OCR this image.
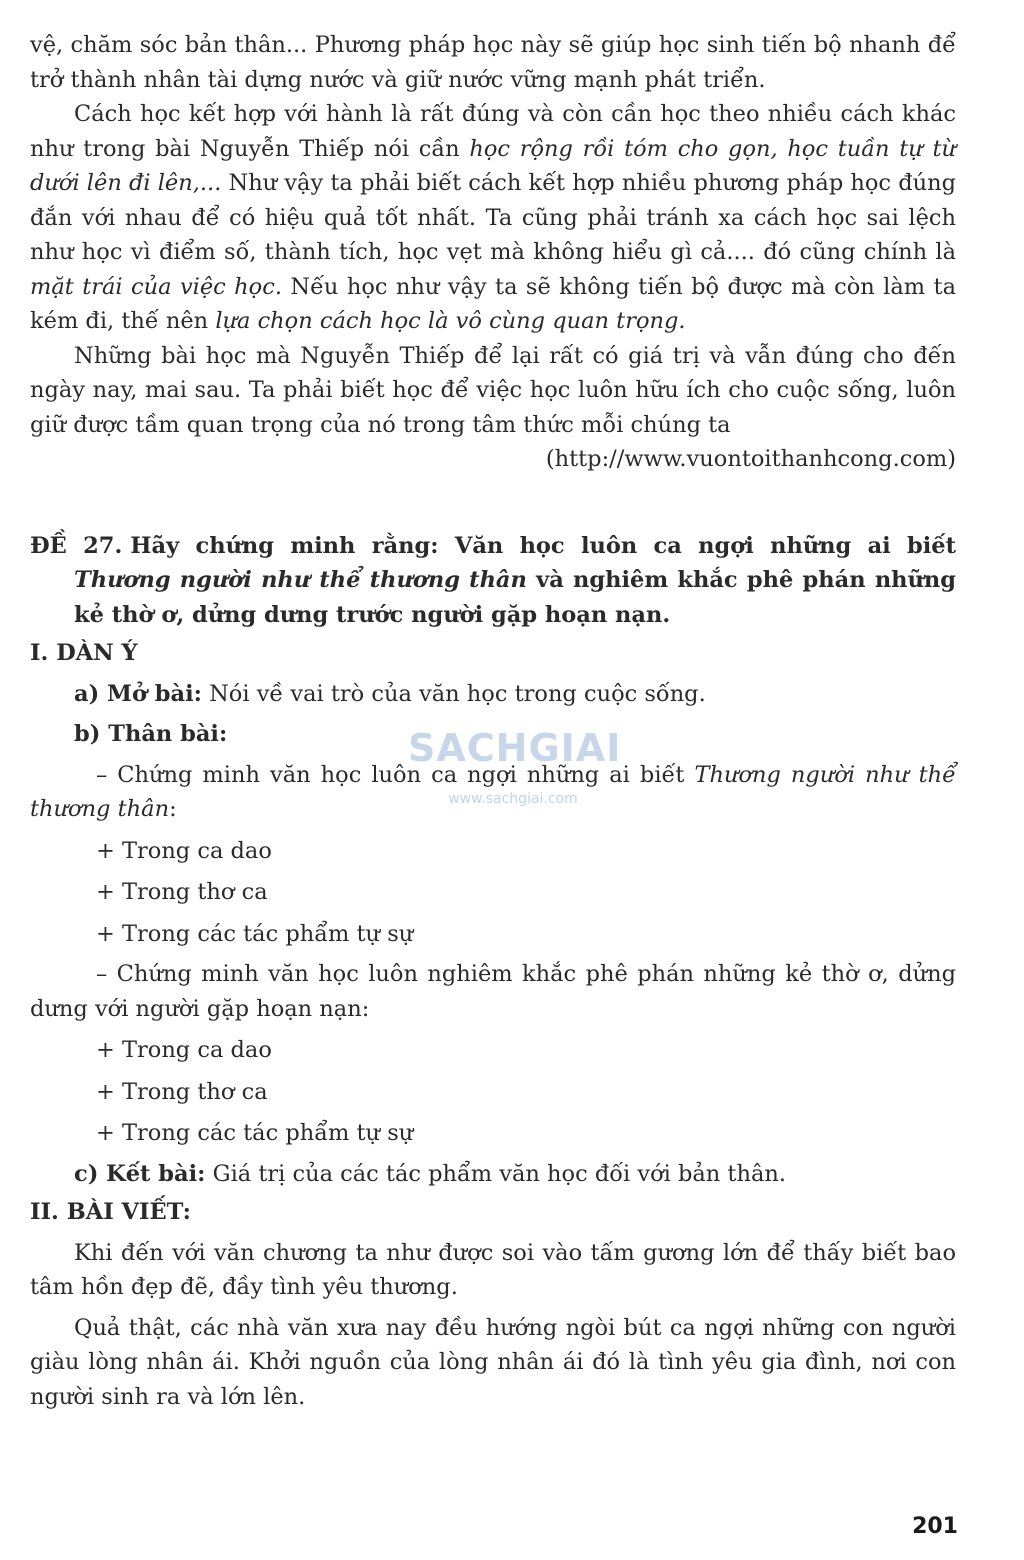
vệ, chăm sóc bản thân... Phương pháp học này sẽ giúp học sinh tiến bộ nhanh để trở thành nhân tài dựng nước và giữ nước vững mạnh phát triển.

Cách học kết hợp với hành là rất đúng và còn cần học theo nhiều cách khác như trong bài Nguyễn Thiếp nói cần học rộng rồi tóm cho gọn, học tuần tự từ dưới lên đi lên,... Như vậy ta phải biết cách kết hợp nhiều phương pháp học đúng đắn với nhau để có hiệu quả tốt nhất. Ta cũng phải tránh xa cách học sai lệch như học vì điểm số, thành tích, học vẹt mà không hiểu gì cả.... đó cũng chính là mặt trái của việc học. Nếu học như vậy ta sẽ không tiến bộ được mà còn làm ta kém đi, thế nên lựa chọn cách học là vô cùng quan trọng.

Những bài học mà Nguyễn Thiếp để lại rất có giá trị và vẫn đúng cho đến ngày nay, mai sau. Ta phải biết học để việc học luôn hữu ích cho cuộc sống, luôn giữ được tầm quan trọng của nó trong tâm thức mỗi chúng ta

(http://www.vuontoithanhcong.com)

ĐỀ 27. Hãy chứng minh rằng: Văn học luôn ca ngợi những ai biết Thương người như thể thương thân và nghiêm khắc phê phán những kẻ thờ ơ, dửng dưng trước người gặp hoạn nạn.

I. DÀN Ý

a) Mở bài: Nói về vai trò của văn học trong cuộc sống.

b) Thân bài:

– Chứng minh văn học luôn ca ngợi những ai biết Thương người như thể thương thân:

+ Trong ca dao

+ Trong thơ ca

+ Trong các tác phẩm tự sự

– Chứng minh văn học luôn nghiêm khắc phê phán những kẻ thờ ơ, dửng dưng với người gặp hoạn nạn:

+ Trong ca dao

+ Trong thơ ca

+ Trong các tác phẩm tự sự

c) Kết bài: Giá trị của các tác phẩm văn học đối với bản thân.

II. BÀI VIẾT:

Khi đến với văn chương ta như được soi vào tấm gương lớn để thấy biết bao tâm hồn đẹp đẽ, đầy tình yêu thương.

Quả thật, các nhà văn xưa nay đều hướng ngòi bút ca ngợi những con người giàu lòng nhân ái. Khởi nguồn của lòng nhân ái đó là tình yêu gia đình, nơi con người sinh ra và lớn lên.

SACHGIAI
www.sachgiai.com
201
